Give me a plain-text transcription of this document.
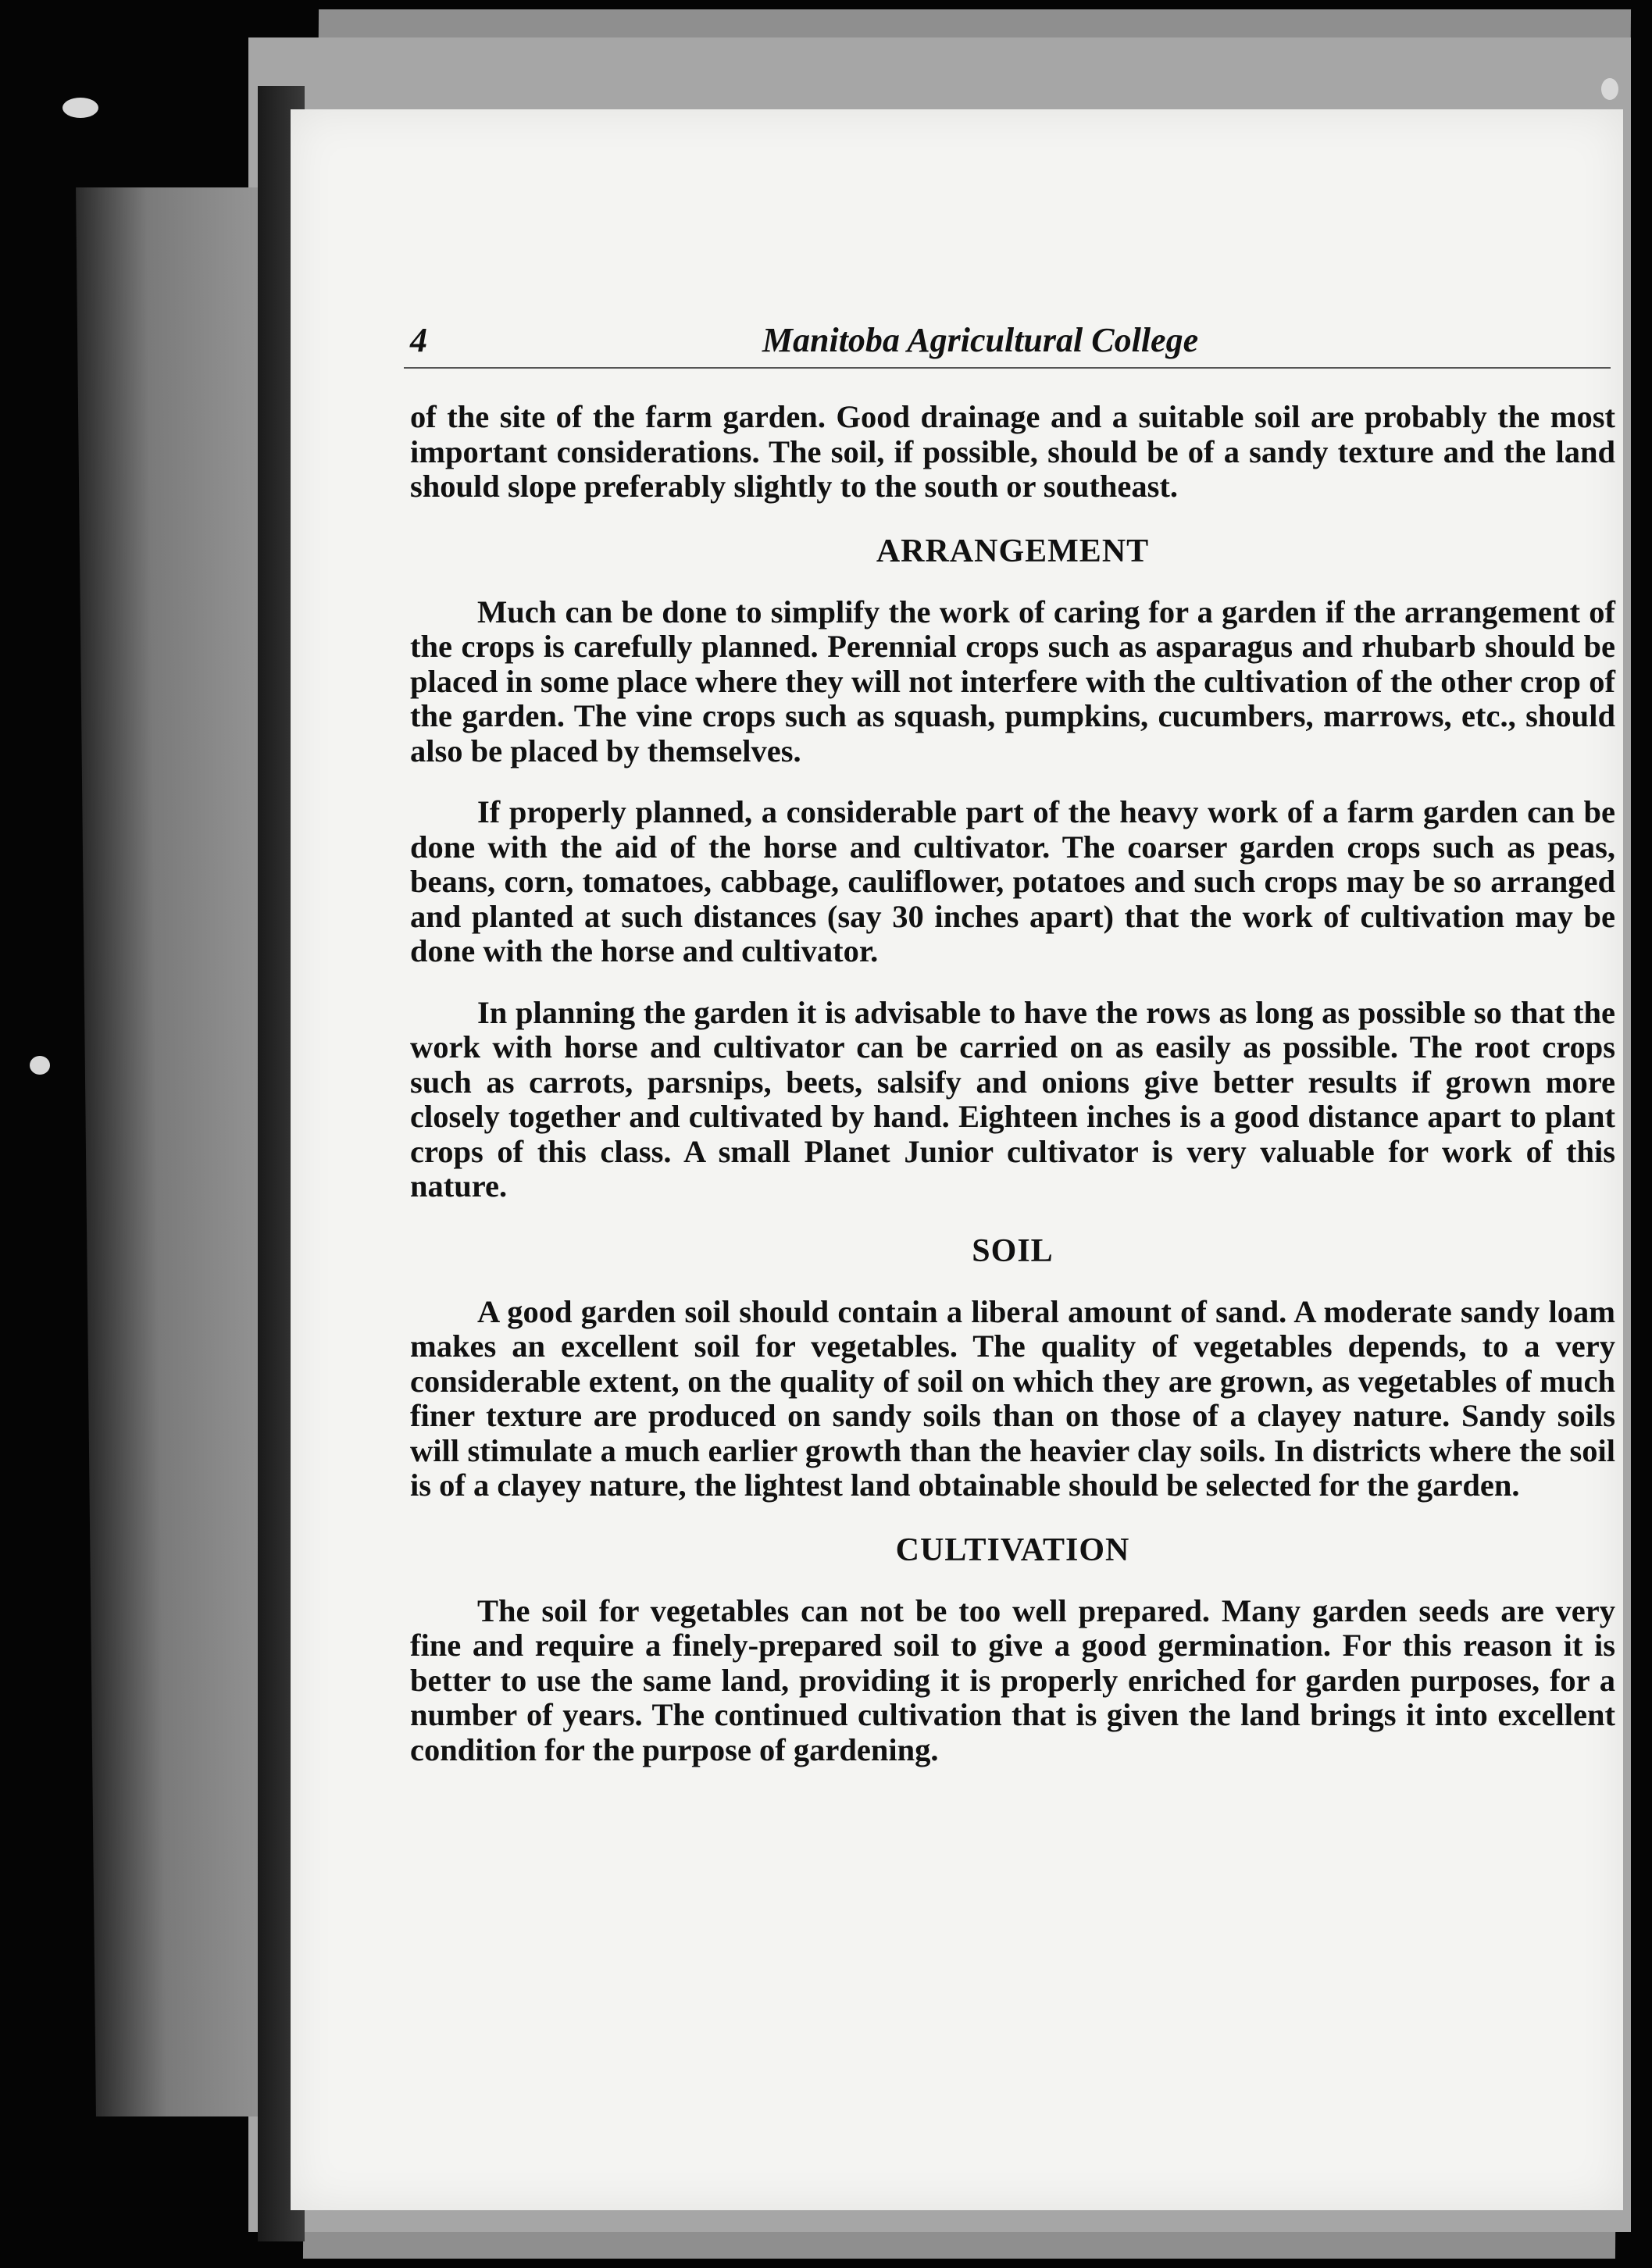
4	Manitoba Agricultural College

of the site of the farm garden. Good drainage and a suitable soil are probably the most important considerations. The soil, if possible, should be of a sandy texture and the land should slope preferably slightly to the south or southeast.

ARRANGEMENT

Much can be done to simplify the work of caring for a garden if the arrangement of the crops is carefully planned. Perennial crops such as asparagus and rhubarb should be placed in some place where they will not interfere with the cultivation of the other crop of the garden. The vine crops such as squash, pumpkins, cucumbers, marrows, etc., should also be placed by themselves.

If properly planned, a considerable part of the heavy work of a farm garden can be done with the aid of the horse and cultivator. The coarser garden crops such as peas, beans, corn, tomatoes, cabbage, cauliflower, potatoes and such crops may be so arranged and planted at such distances (say 30 inches apart) that the work of cultivation may be done with the horse and cultivator.

In planning the garden it is advisable to have the rows as long as possible so that the work with horse and cultivator can be carried on as easily as possible. The root crops such as carrots, parsnips, beets, salsify and onions give better results if grown more closely together and cultivated by hand. Eighteen inches is a good distance apart to plant crops of this class. A small Planet Junior cultivator is very valuable for work of this nature.

SOIL

A good garden soil should contain a liberal amount of sand. A moderate sandy loam makes an excellent soil for vegetables. The quality of vegetables depends, to a very considerable extent, on the quality of soil on which they are grown, as vegetables of much finer texture are produced on sandy soils than on those of a clayey nature. Sandy soils will stimulate a much earlier growth than the heavier clay soils. In districts where the soil is of a clayey nature, the lightest land obtainable should be selected for the garden.

CULTIVATION

The soil for vegetables can not be too well prepared. Many garden seeds are very fine and require a finely-prepared soil to give a good germination. For this reason it is better to use the same land, providing it is properly enriched for garden purposes, for a number of years. The continued cultivation that is given the land brings it into excellent condition for the purpose of gardening.
